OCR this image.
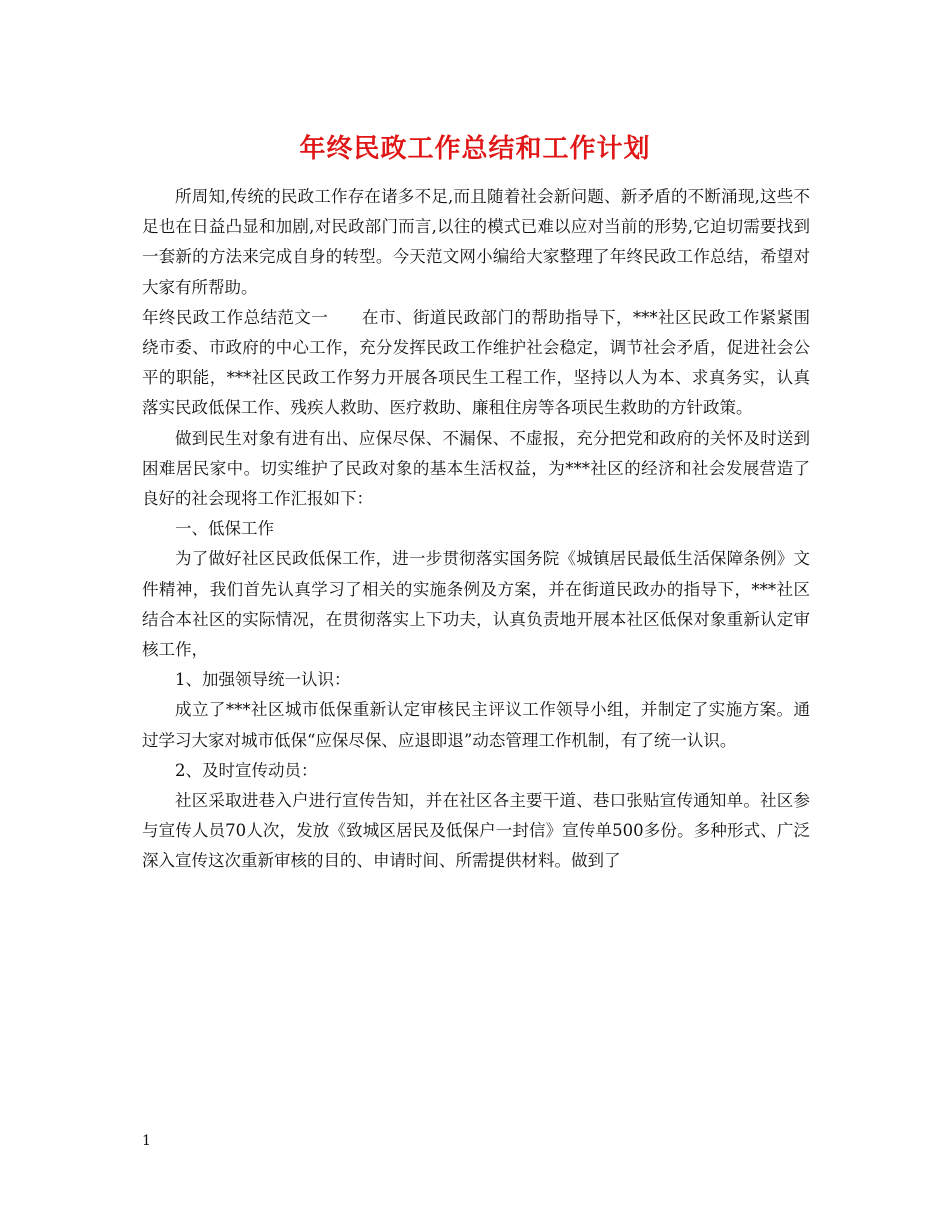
年终民政工作总结和工作计划

所周知,传统的民政工作存在诸多不足,而且随着社会新问题、新矛盾的不断涌现,这些不足也在日益凸显和加剧,对民政部门而言,以往的模式已难以应对当前的形势,它迫切需要找到一套新的方法来完成自身的转型。今天范文网小编给大家整理了年终民政工作总结，希望对大家有所帮助。

年终民政工作总结范文一　　在市、街道民政部门的帮助指导下，***社区民政工作紧紧围绕市委、市政府的中心工作，充分发挥民政工作维护社会稳定，调节社会矛盾，促进社会公平的职能，***社区民政工作努力开展各项民生工程工作，坚持以人为本、求真务实，认真落实民政低保工作、残疾人救助、医疗救助、廉租住房等各项民生救助的方针政策。

做到民生对象有进有出、应保尽保、不漏保、不虚报，充分把党和政府的关怀及时送到困难居民家中。切实维护了民政对象的基本生活权益，为***社区的经济和社会发展营造了良好的社会现将工作汇报如下：

一、低保工作

为了做好社区民政低保工作，进一步贯彻落实国务院《城镇居民最低生活保障条例》文件精神，我们首先认真学习了相关的实施条例及方案，并在街道民政办的指导下，***社区结合本社区的实际情况，在贯彻落实上下功夫，认真负责地开展本社区低保对象重新认定审核工作，

1、加强领导统一认识：

成立了***社区城市低保重新认定审核民主评议工作领导小组，并制定了实施方案。通过学习大家对城市低保“应保尽保、应退即退”动态管理工作机制，有了统一认识。

2、及时宣传动员：

社区采取进巷入户进行宣传告知，并在社区各主要干道、巷口张贴宣传通知单。社区参与宣传人员70人次，发放《致城区居民及低保户一封信》宣传单500多份。多种形式、广泛深入宣传这次重新审核的目的、申请时间、所需提供材料。做到了

1
